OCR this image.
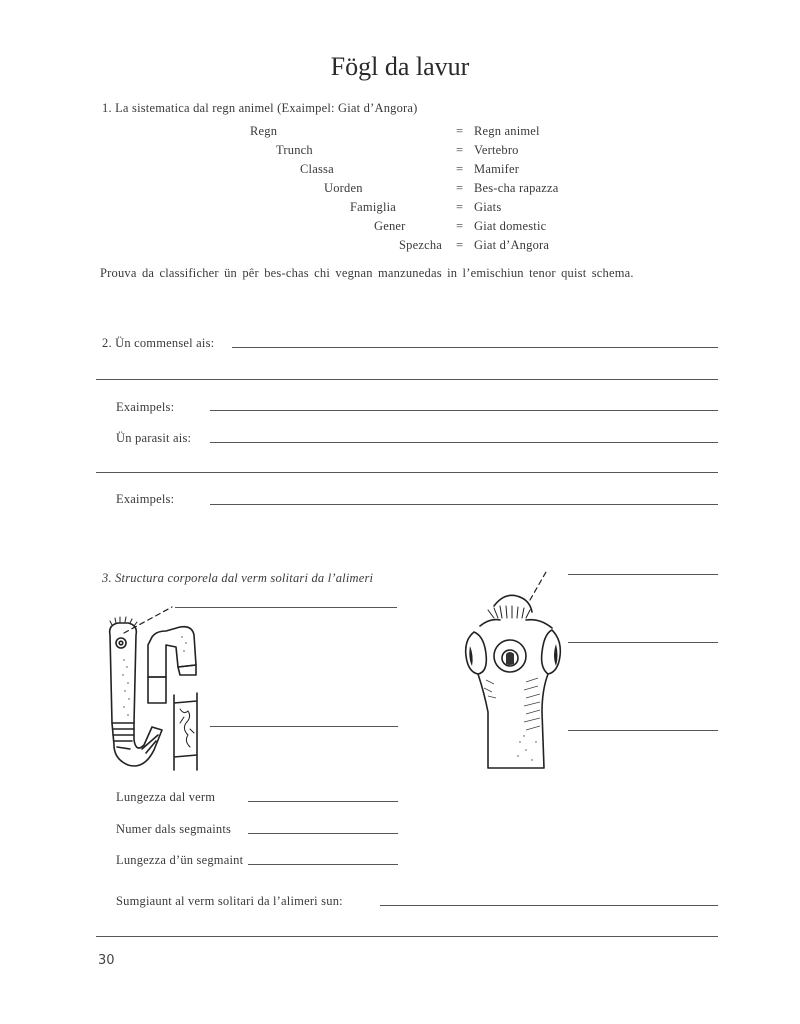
Fögl da lavur
1. La sistematica dal regn animel (Exaimpel: Giat d’Angora)
Regn
Trunch
Classa
Uorden
Famiglia
Gener
Spezcha
=
=
=
=
=
=
=
Regn animel
Vertebro
Mamifer
Bes-cha rapazza
Giats
Giat domestic
Giat d’Angora
Prouva da classificher ün pêr bes-chas chi vegnan manzunedas in l’emischiun tenor quist schema.
2. Ün commensel ais:
Exaimpels:
Ün parasit ais:
Exaimpels:
3. Structura corporela dal verm solitari da l’alimeri
Lungezza dal verm
Numer dals segmaints
Lungezza d’ün segmaint
Sumgiaunt al verm solitari da l’alimeri sun:
30
